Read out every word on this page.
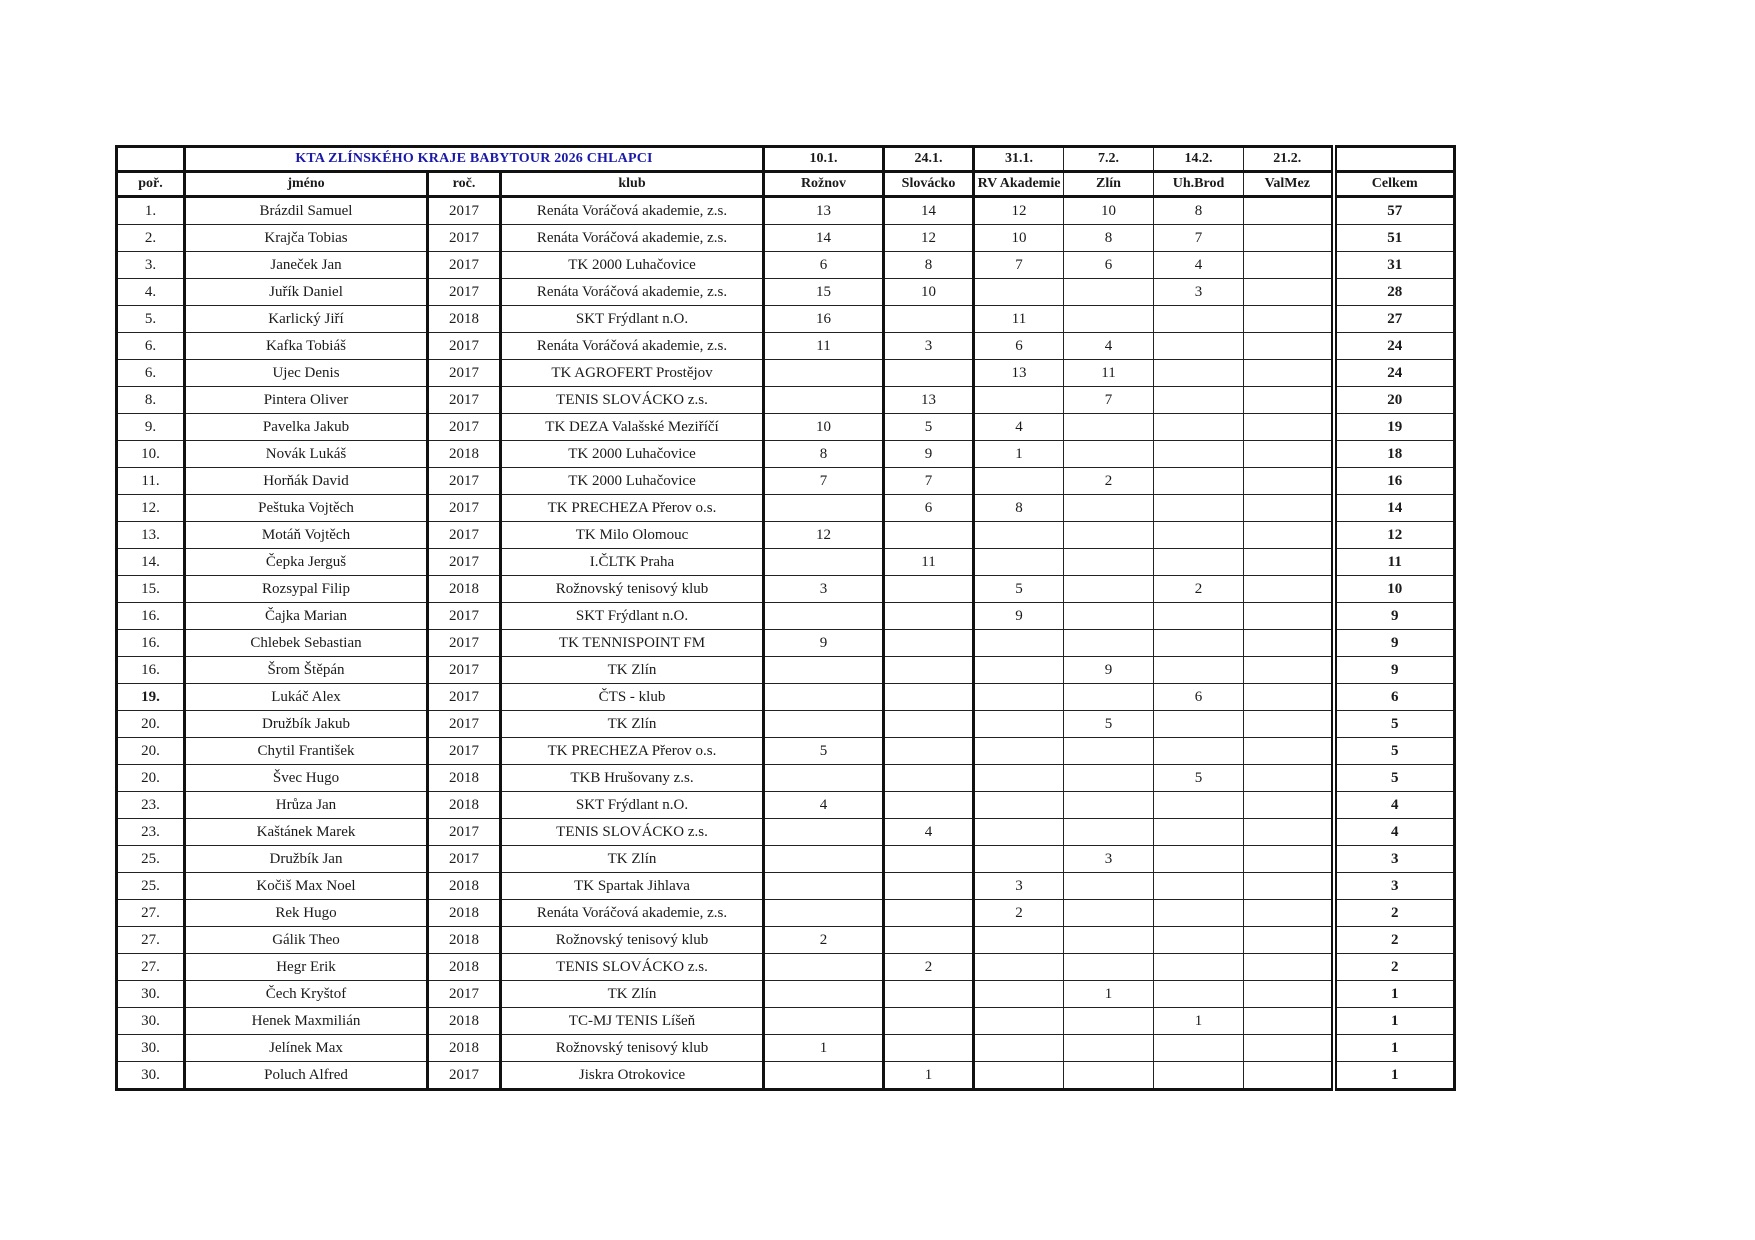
	KTA ZLÍNSKÉHO KRAJE BABYTOUR 2026 CHLAPCI			10.1.	24.1.	31.1.	7.2.	14.2.	21.2.	
poř.	jméno	roč.	klub	Rožnov	Slovácko	RV Akademie	Zlín	Uh.Brod	ValMez	Celkem
1.	Brázdil Samuel	2017	Renáta Voráčová akademie, z.s.	13	14	12	10	8		57
2.	Krajča Tobias	2017	Renáta Voráčová akademie, z.s.	14	12	10	8	7		51
3.	Janeček Jan	2017	TK 2000 Luhačovice	6	8	7	6	4		31
4.	Juřík Daniel	2017	Renáta Voráčová akademie, z.s.	15	10			3		28
5.	Karlický Jiří	2018	SKT Frýdlant n.O.	16		11				27
6.	Kafka Tobiáš	2017	Renáta Voráčová akademie, z.s.	11	3	6	4			24
6.	Ujec Denis	2017	TK AGROFERT Prostějov			13	11			24
8.	Pintera Oliver	2017	TENIS SLOVÁCKO z.s.		13		7			20
9.	Pavelka Jakub	2017	TK DEZA Valašské Meziříčí	10	5	4				19
10.	Novák Lukáš	2018	TK 2000 Luhačovice	8	9	1				18
11.	Horňák David	2017	TK 2000 Luhačovice	7	7		2			16
12.	Peštuka Vojtěch	2017	TK PRECHEZA Přerov o.s.		6	8				14
13.	Motáň Vojtěch	2017	TK Milo Olomouc	12						12
14.	Čepka Jerguš	2017	I.ČLTK Praha		11					11
15.	Rozsypal Filip	2018	Rožnovský tenisový klub	3		5		2		10
16.	Čajka Marian	2017	SKT Frýdlant n.O.			9				9
16.	Chlebek Sebastian	2017	TK TENNISPOINT FM	9						9
16.	Šrom Štěpán	2017	TK Zlín				9			9
19.	Lukáč Alex	2017	ČTS - klub					6		6
20.	Družbík Jakub	2017	TK Zlín				5			5
20.	Chytil František	2017	TK PRECHEZA Přerov o.s.	5						5
20.	Švec Hugo	2018	TKB Hrušovany z.s.					5		5
23.	Hrůza Jan	2018	SKT Frýdlant n.O.	4						4
23.	Kaštánek Marek	2017	TENIS SLOVÁCKO z.s.		4					4
25.	Družbík Jan	2017	TK Zlín				3			3
25.	Kočiš Max Noel	2018	TK Spartak Jihlava			3				3
27.	Rek Hugo	2018	Renáta Voráčová akademie, z.s.			2				2
27.	Gálik Theo	2018	Rožnovský tenisový klub	2						2
27.	Hegr Erik	2018	TENIS SLOVÁCKO z.s.		2					2
30.	Čech Kryštof	2017	TK Zlín				1			1
30.	Henek Maxmilián	2018	TC-MJ TENIS Líšeň					1		1
30.	Jelínek Max	2018	Rožnovský tenisový klub	1						1
30.	Poluch Alfred	2017	Jiskra Otrokovice		1					1
